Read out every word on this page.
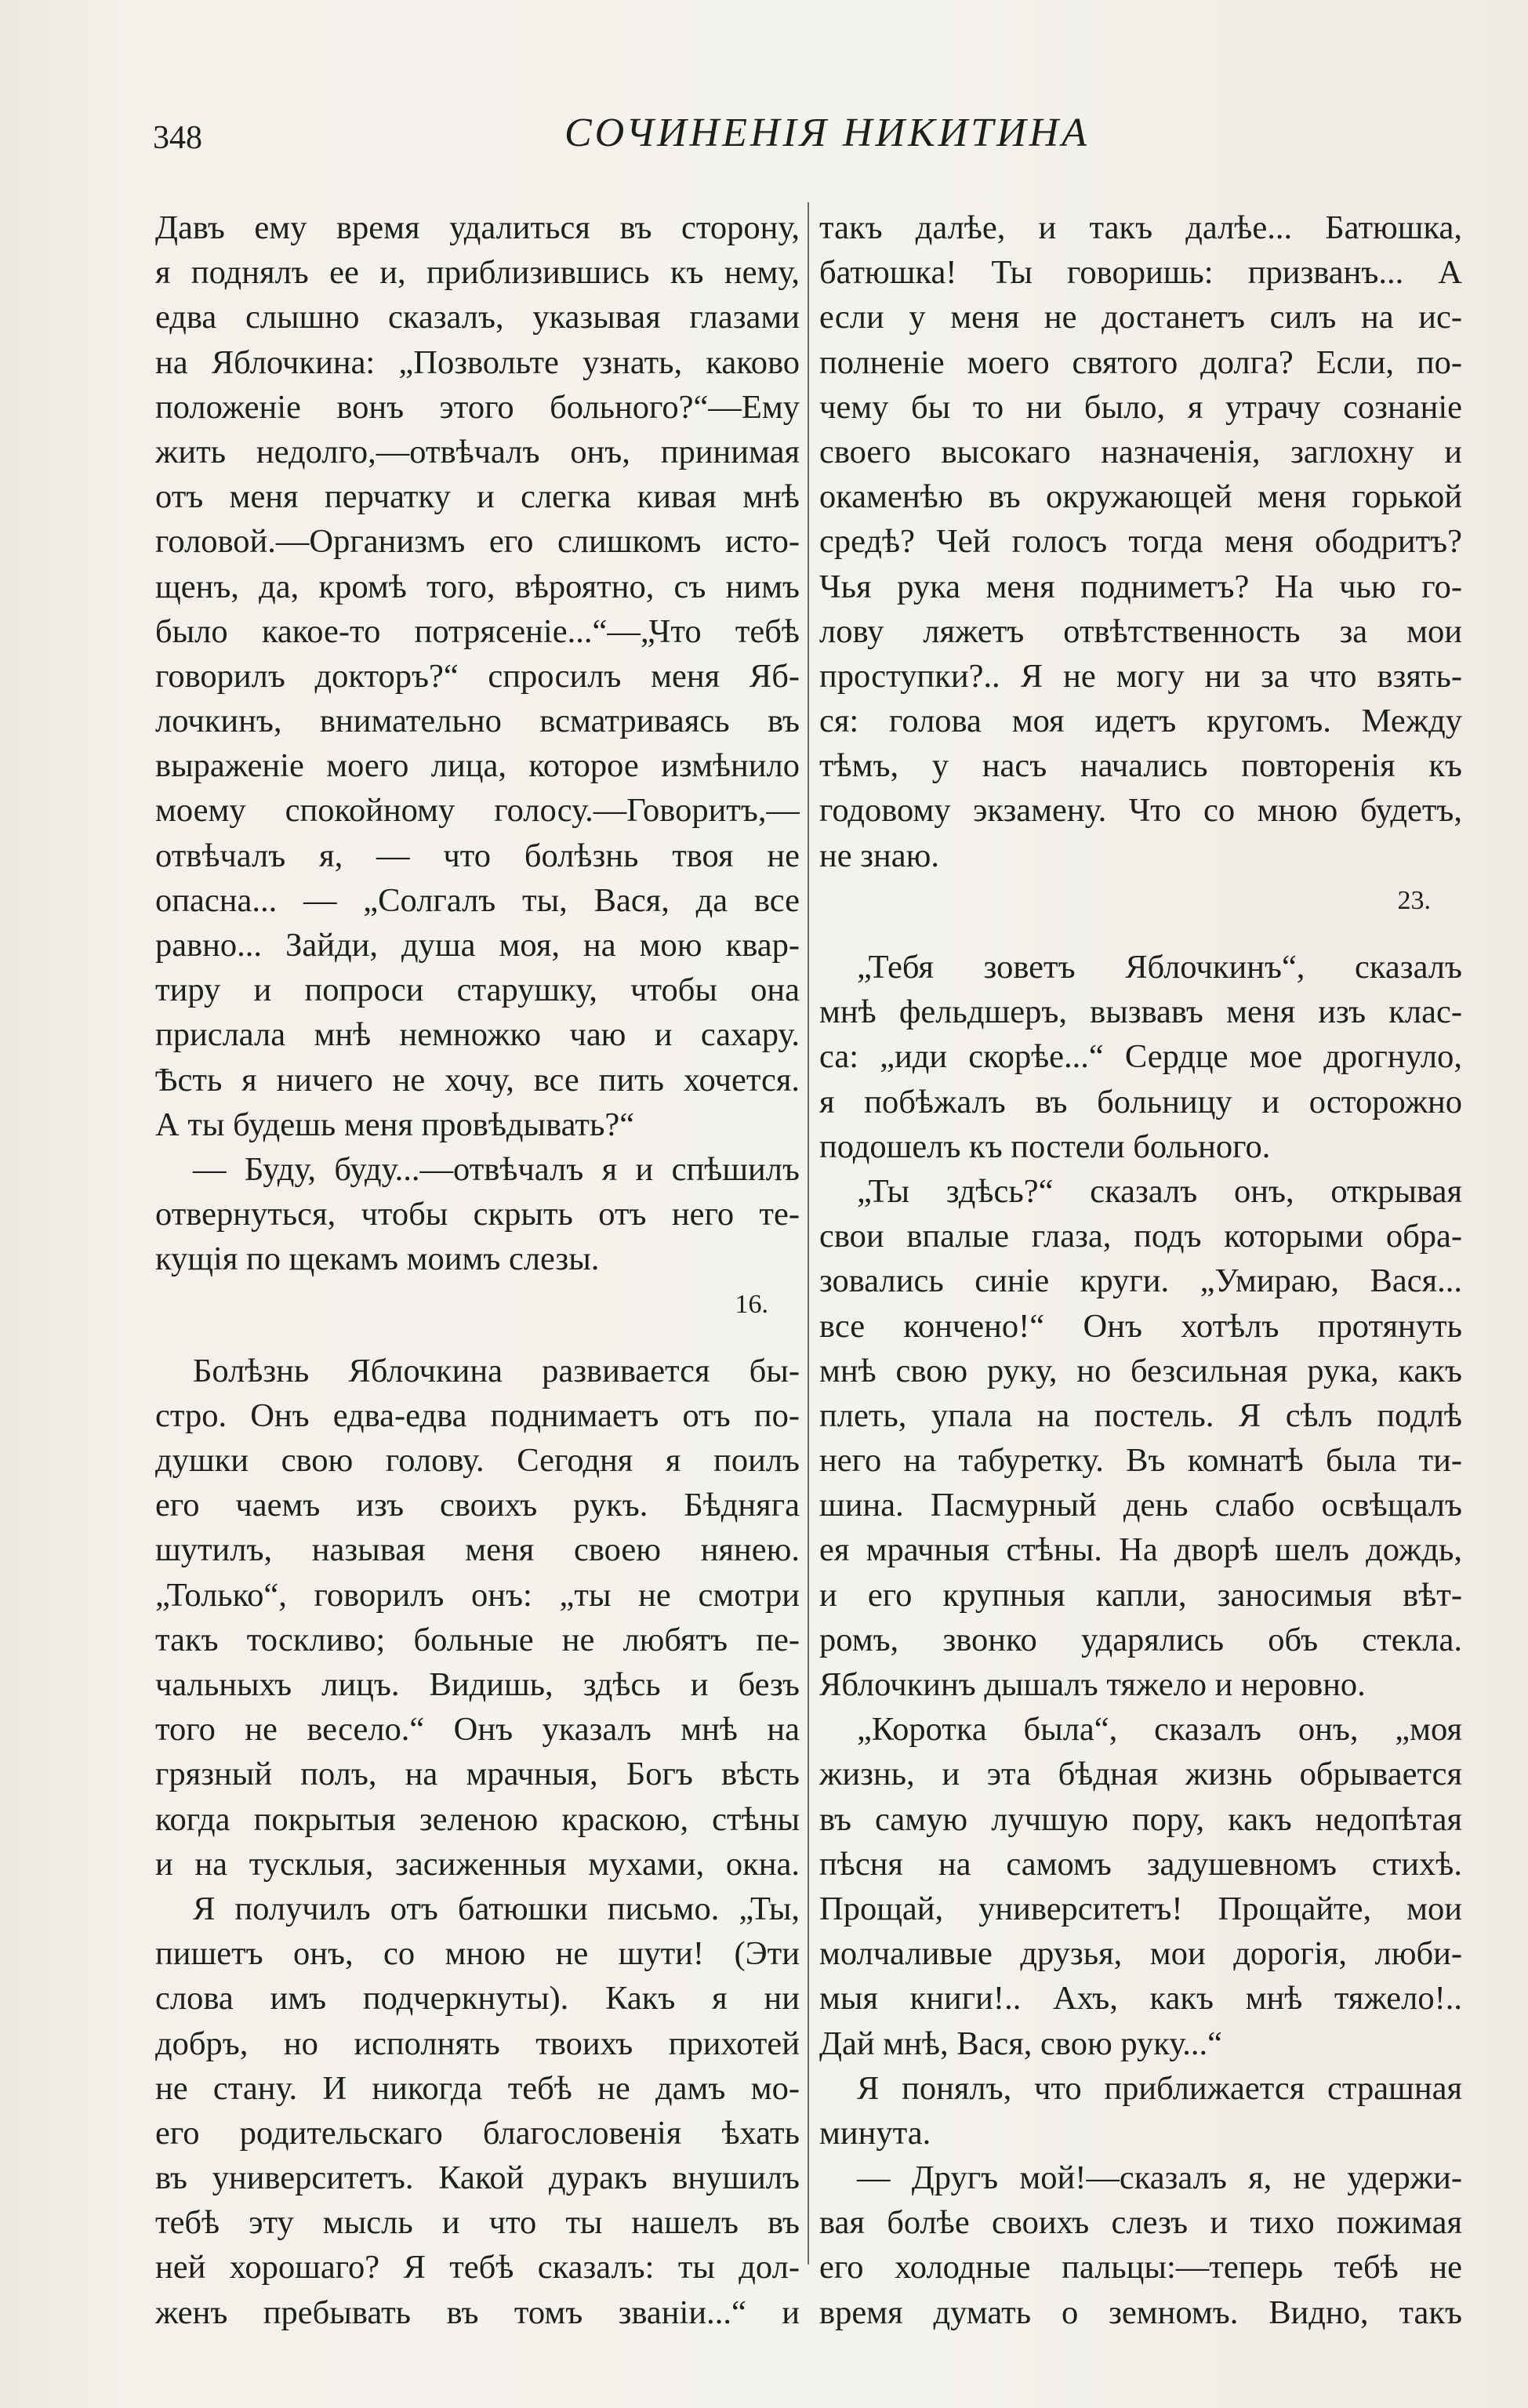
348	СОЧИНЕНІЯ НИКИТИНА
Давъ ему время удалиться въ сторону,
я поднялъ ее и, приблизившись къ нему,
едва слышно сказалъ, указывая глазами
на Яблочкина: „Позвольте узнать, каково
положеніе вонъ этого больного?“—Ему
жить недолго,—отвѣчалъ онъ, принимая
отъ меня перчатку и слегка кивая мнѣ
головой.—Организмъ его слишкомъ исто-
щенъ, да, кромѣ того, вѣроятно, съ нимъ
было какое-то потрясеніе...“—„Что тебѣ
говорилъ докторъ?“ спросилъ меня Яб-
лочкинъ, внимательно всматриваясь въ
выраженіе моего лица, которое измѣнило
моему спокойному голосу.—Говоритъ,—
отвѣчалъ я, — что болѣзнь твоя не
опасна... — „Солгалъ ты, Вася, да все
равно... Зайди, душа моя, на мою квар-
тиру и попроси старушку, чтобы она
прислала мнѣ немножко чаю и сахару.
Ѣсть я ничего не хочу, все пить хочется.
А ты будешь меня провѣдывать?“
— Буду, буду...—отвѣчалъ я и спѣшилъ
отвернуться, чтобы скрыть отъ него те-
кущія по щекамъ моимъ слезы.
16.
Болѣзнь Яблочкина развивается бы-
стро. Онъ едва-едва поднимаетъ отъ по-
душки свою голову. Сегодня я поилъ
его чаемъ изъ своихъ рукъ. Бѣдняга
шутилъ, называя меня своею нянею.
„Только“, говорилъ онъ: „ты не смотри
такъ тоскливо; больные не любятъ пе-
чальныхъ лицъ. Видишь, здѣсь и безъ
того не весело.“ Онъ указалъ мнѣ на
грязный полъ, на мрачныя, Богъ вѣсть
когда покрытыя зеленою краскою, стѣны
и на тусклыя, засиженныя мухами, окна.
Я получилъ отъ батюшки письмо. „Ты,
пишетъ онъ, со мною не шути! (Эти
слова имъ подчеркнуты). Какъ я ни
добръ, но исполнять твоихъ прихотей
не стану. И никогда тебѣ не дамъ мо-
его родительскаго благословенія ѣхать
въ университетъ. Какой дуракъ внушилъ
тебѣ эту мысль и что ты нашелъ въ
ней хорошаго? Я тебѣ сказалъ: ты дол-
женъ пребывать въ томъ званіи...“ и
такъ далѣе, и такъ далѣе... Батюшка,
батюшка! Ты говоришь: призванъ... А
если у меня не достанетъ силъ на ис-
полненіе моего святого долга? Если, по-
чему бы то ни было, я утрачу сознаніе
своего высокаго назначенія, заглохну и
окаменѣю въ окружающей меня горькой
средѣ? Чей голосъ тогда меня ободритъ?
Чья рука меня подниметъ? На чью го-
лову ляжетъ отвѣтственность за мои
проступки?.. Я не могу ни за что взять-
ся: голова моя идетъ кругомъ. Между
тѣмъ, у насъ начались повторенія къ
годовому экзамену. Что со мною будетъ,
не знаю.
23.
„Тебя зоветъ Яблочкинъ“, сказалъ
мнѣ фельдшеръ, вызвавъ меня изъ клас-
са: „иди скорѣе...“ Сердце мое дрогнуло,
я побѣжалъ въ больницу и осторожно
подошелъ къ постели больного.
„Ты здѣсь?“ сказалъ онъ, открывая
свои впалые глаза, подъ которыми обра-
зовались синіе круги. „Умираю, Вася...
все кончено!“ Онъ хотѣлъ протянуть
мнѣ свою руку, но безсильная рука, какъ
плеть, упала на постель. Я сѣлъ подлѣ
него на табуретку. Въ комнатѣ была ти-
шина. Пасмурный день слабо освѣщалъ
ея мрачныя стѣны. На дворѣ шелъ дождь,
и его крупныя капли, заносимыя вѣт-
ромъ, звонко ударялись объ стекла.
Яблочкинъ дышалъ тяжело и неровно.
„Коротка была“, сказалъ онъ, „моя
жизнь, и эта бѣдная жизнь обрывается
въ самую лучшую пору, какъ недопѣтая
пѣсня на самомъ задушевномъ стихѣ.
Прощай, университетъ! Прощайте, мои
молчаливые друзья, мои дорогія, люби-
мыя книги!.. Ахъ, какъ мнѣ тяжело!..
Дай мнѣ, Вася, свою руку...“
Я понялъ, что приближается страшная
минута.
— Другъ мой!—сказалъ я, не удержи-
вая болѣе своихъ слезъ и тихо пожимая
его холодные пальцы:—теперь тебѣ не
время думать о земномъ. Видно, такъ
